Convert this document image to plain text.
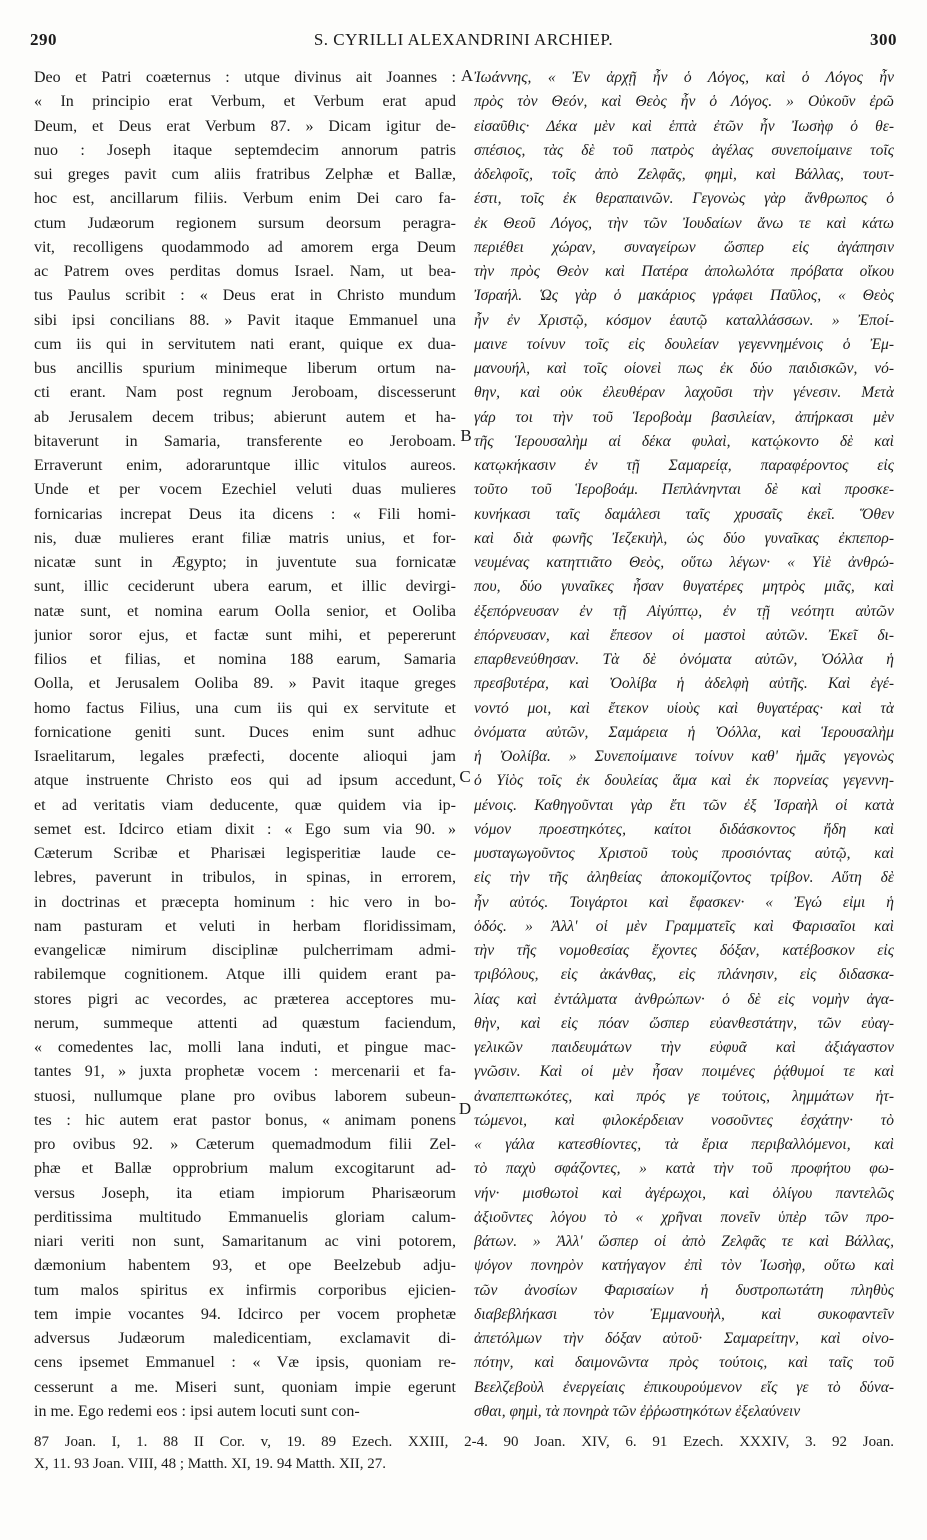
290	S. CYRILLI ALEXANDRINI ARCHIEP.	300
Deo et Patri coæternus : utque divinus ait Joannes :
« In principio erat Verbum, et Verbum erat apud
Deum, et Deus erat Verbum 87. » Dicam igitur de-
nuo : Joseph itaque septemdecim annorum patris
sui greges pavit cum aliis fratribus Zelphæ et Ballæ,
hoc est, ancillarum filiis. Verbum enim Dei caro fa-
ctum Judæorum regionem sursum deorsum peragra-
vit, recolligens quodammodo ad amorem erga Deum
ac Patrem oves perditas domus Israel. Nam, ut bea-
tus Paulus scribit : « Deus erat in Christo mundum
sibi ipsi concilians 88. » Pavit itaque Emmanuel una
cum iis qui in servitutem nati erant, quique ex dua-
bus ancillis spurium minimeque liberum ortum na-
cti erant. Nam post regnum Jeroboam, discesserunt
ab Jerusalem decem tribus; abierunt autem et ha-
bitaverunt in Samaria, transferente eo Jeroboam.
Erraverunt enim, adoraruntque illic vitulos aureos.
Unde et per vocem Ezechiel veluti duas mulieres
fornicarias increpat Deus ita dicens : « Fili homi-
nis, duæ mulieres erant filiæ matris unius, et for-
nicatæ sunt in Ægypto; in juventute sua fornicatæ
sunt, illic ceciderunt ubera earum, et illic devirgi-
natæ sunt, et nomina earum Oolla senior, et Ooliba
junior soror ejus, et factæ sunt mihi, et pepererunt
filios et filias, et nomina 188 earum, Samaria
Oolla, et Jerusalem Ooliba 89. » Pavit itaque greges
homo factus Filius, una cum iis qui ex servitute et
fornicatione geniti sunt. Duces enim sunt adhuc
Israelitarum, legales præfecti, docente alioqui jam
atque instruente Christo eos qui ad ipsum accedunt,
et ad veritatis viam deducente, quæ quidem via ip-
semet est. Idcirco etiam dixit : « Ego sum via 90. »
Cæterum Scribæ et Pharisæi legisperitiæ laude ce-
lebres, paverunt in tribulos, in spinas, in errorem,
in doctrinas et præcepta hominum : hic vero in bo-
nam pasturam et veluti in herbam floridissimam,
evangelicæ nimirum disciplinæ pulcherrimam admi-
rabilemque cognitionem. Atque illi quidem erant pa-
stores pigri ac vecordes, ac præterea acceptores mu-
nerum, summeque attenti ad quæstum faciendum,
« comedentes lac, molli lana induti, et pingue mac-
tantes 91, » juxta prophetæ vocem : mercenarii et fa-
stuosi, nullumque plane pro ovibus laborem subeun-
tes : hic autem erat pastor bonus, « animam ponens
pro ovibus 92. » Cæterum quemadmodum filii Zel-
phæ et Ballæ opprobrium malum excogitarunt ad-
versus Joseph, ita etiam impiorum Pharisæorum
perditissima multitudo Emmanuelis gloriam calum-
niari veriti non sunt, Samaritanum ac vini potorem,
dæmonium habentem 93, et ope Beelzebub adju-
tum malos spiritus ex infirmis corporibus ejicien-
tem impie vocantes 94. Idcirco per vocem prophetæ
adversus Judæorum maledicentiam, exclamavit di-
cens ipsemet Emmanuel : « Væ ipsis, quoniam re-
cesserunt a me. Miseri sunt, quoniam impie egerunt
in me. Ego redemi eos : ipsi autem locuti sunt con-
Ἰωάννης, « Ἐν ἀρχῇ ἦν ὁ Λόγος, καὶ ὁ Λόγος ἦν
πρὸς τὸν Θεόν, καὶ Θεὸς ἦν ὁ Λόγος. » Οὐκοῦν ἐρῶ
εἰσαῦθις· Δέκα μὲν καὶ ἑπτὰ ἐτῶν ἦν Ἰωσὴφ ὁ θε-
σπέσιος, τὰς δὲ τοῦ πατρὸς ἀγέλας συνεποίμαινε τοῖς
ἀδελφοῖς, τοῖς ἀπὸ Ζελφᾶς, φημὶ, καὶ Βάλλας, τουτ-
έστι, τοῖς ἐκ θεραπαινῶν. Γεγονὼς γὰρ ἄνθρωπος ὁ
ἐκ Θεοῦ Λόγος, τὴν τῶν Ἰουδαίων ἄνω τε καὶ κάτω
περιέθει χώραν, συναγείρων ὥσπερ εἰς ἀγάπησιν
τὴν πρὸς Θεὸν καὶ Πατέρα ἀπολωλότα πρόβατα οἴκου
Ἰσραήλ. Ὡς γὰρ ὁ μακάριος γράφει Παῦλος, « Θεὸς
ἦν ἐν Χριστῷ, κόσμον ἑαυτῷ καταλλάσσων. » Ἐποί-
μαινε τοίνυν τοῖς εἰς δουλείαν γεγεννημένοις ὁ Ἐμ-
μανουήλ, καὶ τοῖς οἱονεὶ πως ἐκ δύο παιδισκῶν, νό-
θην, καὶ οὐκ ἐλευθέραν λαχοῦσι τὴν γένεσιν. Μετὰ
γάρ τοι τὴν τοῦ Ἱεροβοὰμ βασιλείαν, ἀπήρκασι μὲν
τῆς Ἱερουσαλὴμ αἱ δέκα φυλαὶ, κατῴκοντο δὲ καὶ
κατῳκήκασιν ἐν τῇ Σαμαρείᾳ, παραφέροντος εἰς
τοῦτο τοῦ Ἱεροβοάμ. Πεπλάνηνται δὲ καὶ προσκε-
κυνήκασι ταῖς δαμάλεσι ταῖς χρυσαῖς ἐκεῖ. Ὅθεν
καὶ διὰ φωνῆς Ἰεζεκιὴλ, ὡς δύο γυναῖκας ἐκπεπορ-
νευμένας κατηττιᾶτο Θεὸς, οὕτω λέγων· « Υἱὲ ἀνθρώ-
που, δύο γυναῖκες ἦσαν θυγατέρες μητρὸς μιᾶς, καὶ
ἐξεπόρνευσαν ἐν τῇ Αἰγύπτῳ, ἐν τῇ νεότητι αὐτῶν
ἐπόρνευσαν, καὶ ἔπεσον οἱ μαστοὶ αὐτῶν. Ἐκεῖ δι-
επαρθενεύθησαν. Τὰ δὲ ὀνόματα αὐτῶν, Ὀόλλα ἡ
πρεσβυτέρα, καὶ Ὀολίβα ἡ ἀδελφὴ αὐτῆς. Καὶ ἐγέ-
νοντό μοι, καὶ ἔτεκον υἱοὺς καὶ θυγατέρας· καὶ τὰ
ὀνόματα αὐτῶν, Σαμάρεια ἡ Ὀόλλα, καὶ Ἱερουσαλὴμ
ἡ Ὀολίβα. » Συνεποίμαινε τοίνυν καθ' ἡμᾶς γεγονὼς
ὁ Υἱὸς τοῖς ἐκ δουλείας ἅμα καὶ ἐκ πορνείας γεγεννη-
μένοις. Καθηγοῦνται γὰρ ἔτι τῶν ἐξ Ἰσραὴλ οἱ κατὰ
νόμον προεστηκότες, καίτοι διδάσκοντος ἤδη καὶ
μυσταγωγοῦντος Χριστοῦ τοὺς προσιόντας αὐτῷ, καὶ
εἰς τὴν τῆς ἀληθείας ἀποκομίζοντος τρίβον. Αὕτη δὲ
ἦν αὐτός. Τοιγάρτοι καὶ ἔφασκεν· « Ἐγώ εἰμι ἡ
ὁδός. » Ἀλλ' οἱ μὲν Γραμματεῖς καὶ Φαρισαῖοι καὶ
τὴν τῆς νομοθεσίας ἔχοντες δόξαν, κατέβοσκον εἰς
τριβόλους, εἰς ἀκάνθας, εἰς πλάνησιν, εἰς διδασκα-
λίας καὶ ἐντάλματα ἀνθρώπων· ὁ δὲ εἰς νομὴν ἀγα-
θὴν, καὶ εἰς πόαν ὥσπερ εὐανθεστάτην, τῶν εὐαγ-
γελικῶν παιδευμάτων τὴν εὐφυᾶ καὶ ἀξιάγαστον
γνῶσιν. Καὶ οἱ μὲν ἦσαν ποιμένες ῥᾴθυμοί τε καὶ
ἀναπεπτωκότες, καὶ πρός γε τούτοις, λημμάτων ἡτ-
τώμενοι, καὶ φιλοκέρδειαν νοσοῦντες ἐσχάτην· τὸ
« γάλα κατεσθίοντες, τὰ ἔρια περιβαλλόμενοι, καὶ
τὸ παχὺ σφάζοντες, » κατὰ τὴν τοῦ προφήτου φω-
νήν· μισθωτοὶ καὶ ἀγέρωχοι, καὶ ὀλίγου παντελῶς
ἀξιοῦντες λόγου τὸ « χρῆναι πονεῖν ὑπὲρ τῶν προ-
βάτων. » Ἀλλ' ὥσπερ οἱ ἀπὸ Ζελφᾶς τε καὶ Βάλλας,
ψόγον πονηρὸν κατήγαγον ἐπὶ τὸν Ἰωσὴφ, οὕτω καὶ
τῶν ἀνοσίων Φαρισαίων ἡ δυστροπωτάτη πληθὺς
διαβεβλήκασι τὸν Ἐμμανουὴλ, καὶ συκοφαντεῖν
ἀπετόλμων τὴν δόξαν αὐτοῦ· Σαμαρείτην, καὶ οἰνο-
πότην, καὶ δαιμονῶντα πρὸς τούτοις, καὶ ταῖς τοῦ
Βεελζεβοὺλ ἐνεργείαις ἐπικουρούμενον εἴς γε τὸ δύνα-
σθαι, φημὶ, τὰ πονηρὰ τῶν ἐῤῥωστηκότων ἐξελαύνειν
A
B
C
D
87 Joan. I, 1. 88 II Cor. v, 19. 89 Ezech. XXIII, 2-4. 90 Joan. XIV, 6. 91 Ezech. XXXIV, 3. 92 Joan.
X, 11. 93 Joan. VIII, 48 ; Matth. XI, 19. 94 Matth. XII, 27.
